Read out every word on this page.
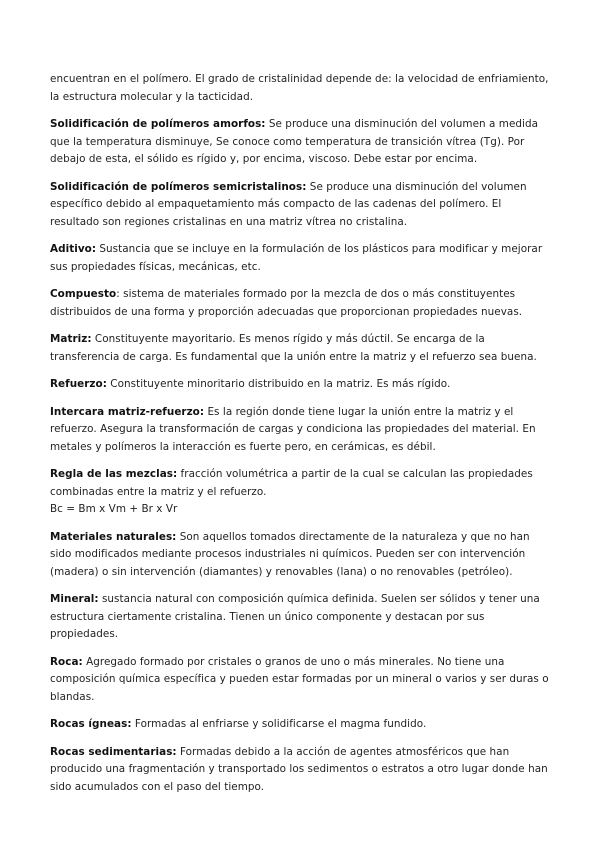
encuentran en el polímero. El grado de cristalinidad depende de: la velocidad de enfriamiento, la estructura molecular y la tacticidad.

Solidificación de polímeros amorfos: Se produce una disminución del volumen a medida que la temperatura disminuye, Se conoce como temperatura de transición vítrea (Tg). Por debajo de esta, el sólido es rígido y, por encima, viscoso. Debe estar por encima.

Solidificación de polímeros semicristalinos: Se produce una disminución del volumen específico debido al empaquetamiento más compacto de las cadenas del polímero. El resultado son regiones cristalinas en una matriz vítrea no cristalina.

Aditivo: Sustancia que se incluye en la formulación de los plásticos para modificar y mejorar sus propiedades físicas, mecánicas, etc.

Compuesto: sistema de materiales formado por la mezcla de dos o más constituyentes distribuidos de una forma y proporción adecuadas que proporcionan propiedades nuevas.

Matriz: Constituyente mayoritario. Es menos rígido y más dúctil. Se encarga de la transferencia de carga. Es fundamental que la unión entre la matriz y el refuerzo sea buena.

Refuerzo: Constituyente minoritario distribuido en la matriz. Es más rígido.

Intercara matriz-refuerzo: Es la región donde tiene lugar la unión entre la matriz y el refuerzo. Asegura la transformación de cargas y condiciona las propiedades del material. En metales y polímeros la interacción es fuerte pero, en cerámicas, es débil.

Regla de las mezclas: fracción volumétrica a partir de la cual se calculan las propiedades combinadas entre la matriz y el refuerzo.
Bc = Bm x Vm + Br x Vr

Materiales naturales: Son aquellos tomados directamente de la naturaleza y que no han sido modificados mediante procesos industriales ni químicos. Pueden ser con intervención (madera) o sin intervención (diamantes) y renovables (lana) o no renovables (petróleo).

Mineral: sustancia natural con composición química definida. Suelen ser sólidos y tener una estructura ciertamente cristalina. Tienen un único componente y destacan por sus propiedades.

Roca: Agregado formado por cristales o granos de uno o más minerales. No tiene una composición química específica y pueden estar formadas por un mineral o varios y ser duras o blandas.

Rocas ígneas: Formadas al enfriarse y solidificarse el magma fundido.

Rocas sedimentarias: Formadas debido a la acción de agentes atmosféricos que han producido una fragmentación y transportado los sedimentos o estratos a otro lugar donde han sido acumulados con el paso del tiempo.
